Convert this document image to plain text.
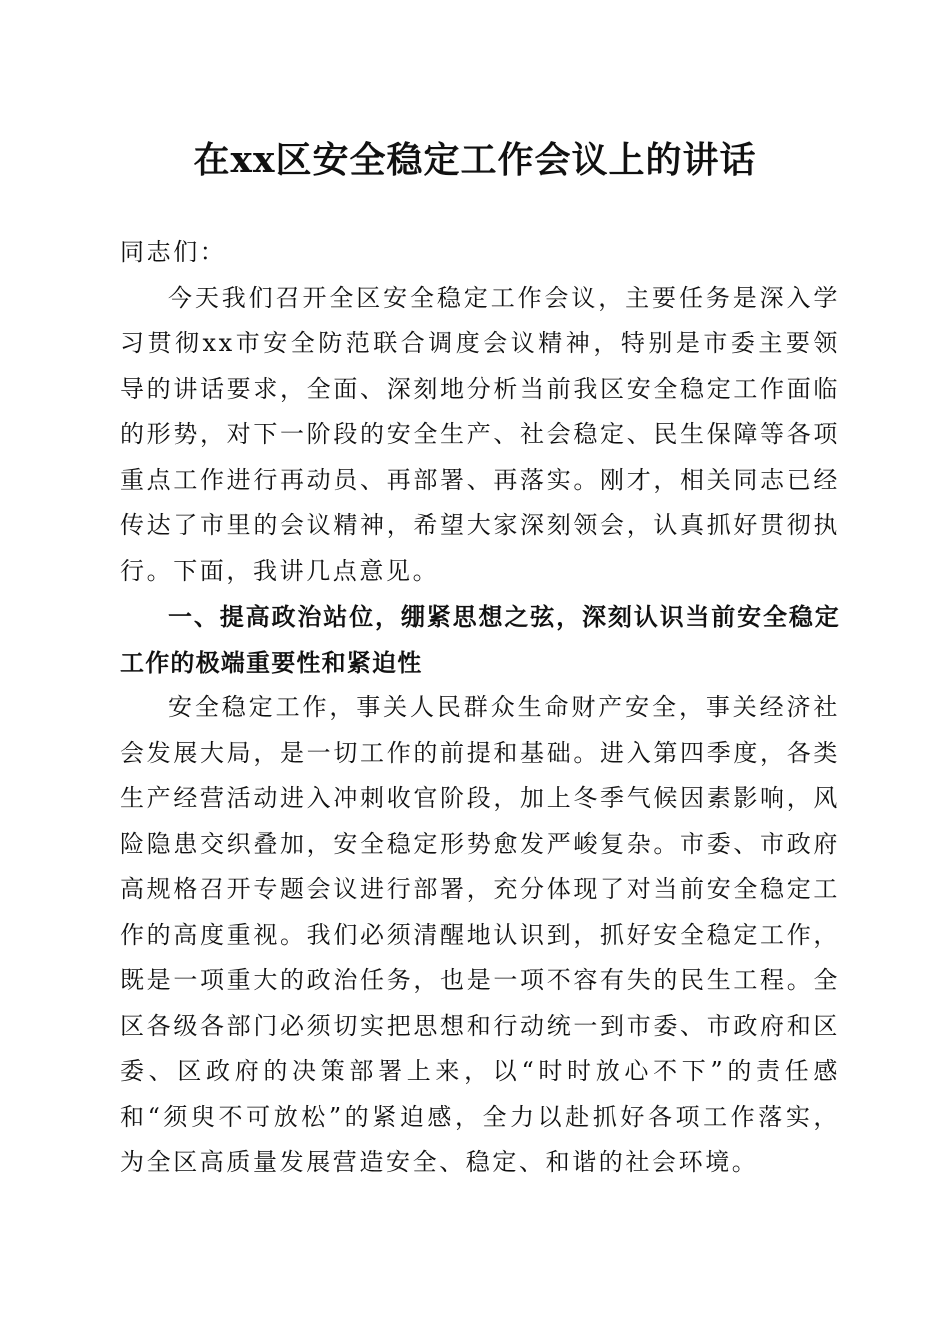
在xx区安全稳定工作会议上的讲话

同志们：

今天我们召开全区安全稳定工作会议，主要任务是深入学习贯彻xx市安全防范联合调度会议精神，特别是市委主要领导的讲话要求，全面、深刻地分析当前我区安全稳定工作面临的形势，对下一阶段的安全生产、社会稳定、民生保障等各项重点工作进行再动员、再部署、再落实。刚才，相关同志已经传达了市里的会议精神，希望大家深刻领会，认真抓好贯彻执行。下面，我讲几点意见。

一、提高政治站位，绷紧思想之弦，深刻认识当前安全稳定工作的极端重要性和紧迫性

安全稳定工作，事关人民群众生命财产安全，事关经济社会发展大局，是一切工作的前提和基础。进入第四季度，各类生产经营活动进入冲刺收官阶段，加上冬季气候因素影响，风险隐患交织叠加，安全稳定形势愈发严峻复杂。市委、市政府高规格召开专题会议进行部署，充分体现了对当前安全稳定工作的高度重视。我们必须清醒地认识到，抓好安全稳定工作，既是一项重大的政治任务，也是一项不容有失的民生工程。全区各级各部门必须切实把思想和行动统一到市委、市政府和区委、区政府的决策部署上来，以“时时放心不下”的责任感和“须臾不可放松”的紧迫感，全力以赴抓好各项工作落实，为全区高质量发展营造安全、稳定、和谐的社会环境。
